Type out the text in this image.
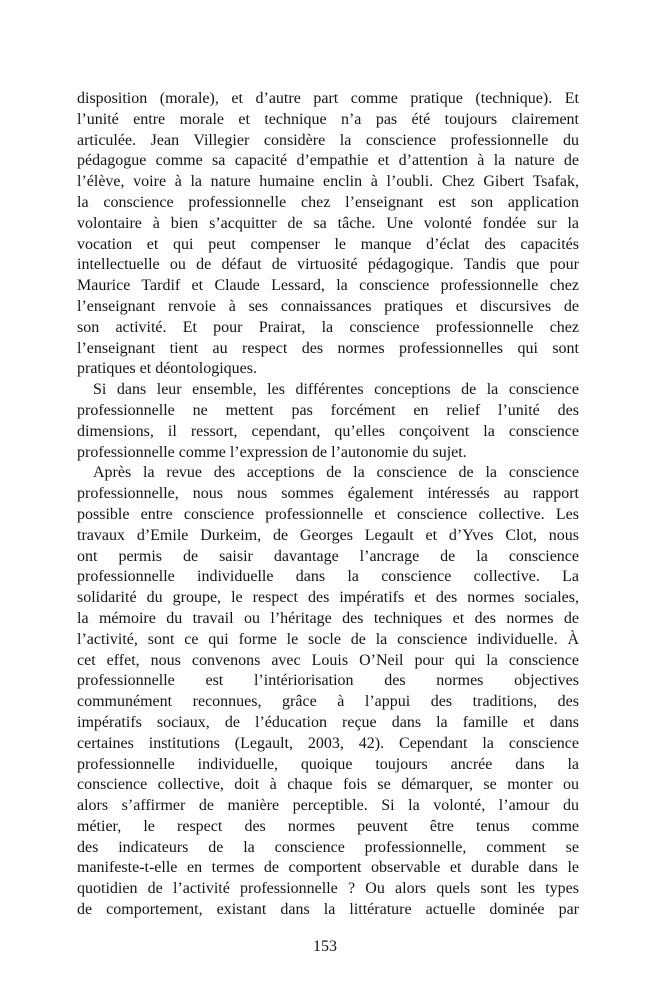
disposition (morale), et d’autre part comme pratique (technique). Et
l’unité entre morale et technique n’a pas été toujours clairement
articulée. Jean Villegier considère la conscience professionnelle du
pédagogue comme sa capacité d’empathie et d’attention à la nature de
l’élève, voire à la nature humaine enclin à l’oubli. Chez Gibert Tsafak,
la conscience professionnelle chez l’enseignant est son application
volontaire à bien s’acquitter de sa tâche. Une volonté fondée sur la
vocation et qui peut compenser le manque d’éclat des capacités
intellectuelle ou de défaut de virtuosité pédagogique. Tandis que pour
Maurice Tardif et Claude Lessard, la conscience professionnelle chez
l’enseignant renvoie à ses connaissances pratiques et discursives de
son activité. Et pour Prairat, la conscience professionnelle chez
l’enseignant tient au respect des normes professionnelles qui sont
pratiques et déontologiques.
Si dans leur ensemble, les différentes conceptions de la conscience
professionnelle ne mettent pas forcément en relief l’unité des
dimensions, il ressort, cependant, qu’elles conçoivent la conscience
professionnelle comme l’expression de l’autonomie du sujet.
Après la revue des acceptions de la conscience de la conscience
professionnelle, nous nous sommes également intéressés au rapport
possible entre conscience professionnelle et conscience collective. Les
travaux d’Emile Durkeim, de Georges Legault et d’Yves Clot, nous
ont permis de saisir davantage l’ancrage de la conscience
professionnelle individuelle dans la conscience collective. La
solidarité du groupe, le respect des impératifs et des normes sociales,
la mémoire du travail ou l’héritage des techniques et des normes de
l’activité, sont ce qui forme le socle de la conscience individuelle. À
cet effet, nous convenons avec Louis O’Neil pour qui la conscience
professionnelle est l’intériorisation des normes objectives
communément reconnues, grâce à l’appui des traditions, des
impératifs sociaux, de l’éducation reçue dans la famille et dans
certaines institutions (Legault, 2003, 42). Cependant la conscience
professionnelle individuelle, quoique toujours ancrée dans la
conscience collective, doit à chaque fois se démarquer, se monter ou
alors s’affirmer de manière perceptible. Si la volonté, l’amour du
métier, le respect des normes peuvent être tenus comme
des indicateurs de la conscience professionnelle, comment se
manifeste-t-elle en termes de comportent observable et durable dans le
quotidien de l’activité professionnelle ? Ou alors quels sont les types
de comportement, existant dans la littérature actuelle dominée par
153
